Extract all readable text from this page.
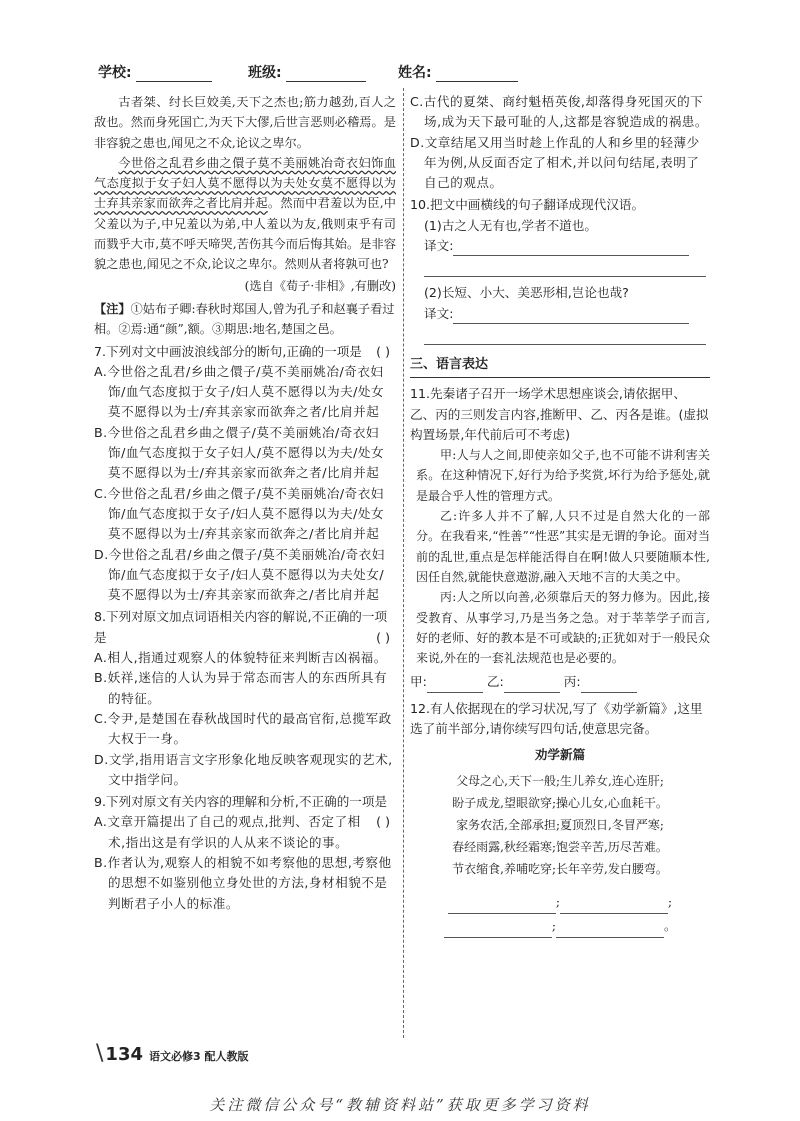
学校:	班级:	姓名:

古者桀、纣长巨姣美,天下之杰也;筋力越劲,百人之敌也。然而身死国亡,为天下大僇,后世言恶则必稽焉。是非容貌之患也,闻见之不众,论议之卑尔。

今世俗之乱君乡曲之儇子莫不美丽姚冶奇衣妇饰血气态度拟于女子妇人莫不愿得以为夫处女莫不愿得以为士弃其亲家而欲奔之者比肩并起。然而中君羞以为臣,中父羞以为子,中兄羞以为弟,中人羞以为友,俄则束乎有司而戮乎大市,莫不呼天啼哭,苦伤其今而后悔其始。是非容貌之患也,闻见之不众,论议之卑尔。然则从者将孰可也?

(选自《荀子·非相》,有删改)

【注】①姑布子卿:春秋时郑国人,曾为孔子和赵襄子看过相。②焉:通“颜”,额。③期思:地名,楚国之邑。

7.下列对文中画波浪线部分的断句,正确的一项是 ( )

A.今世俗之乱君/乡曲之儇子/莫不美丽姚冶/奇衣妇饰/血气态度拟于女子/妇人莫不愿得以为夫/处女莫不愿得以为士/弃其亲家而欲奔之者/比肩并起

B.今世俗之乱君乡曲之儇子/莫不美丽姚冶/奇衣妇饰/血气态度拟于女子妇人/莫不愿得以为夫/处女莫不愿得以为士/弃其亲家而欲奔之者/比肩并起

C.今世俗之乱君/乡曲之儇子/莫不美丽姚冶/奇衣妇饰/血气态度拟于女子/妇人莫不愿得以为夫/处女莫不愿得以为士/弃其亲家而欲奔之/者比肩并起

D.今世俗之乱君/乡曲之儇子/莫不美丽姚冶/奇衣妇饰/血气态度拟于女子/妇人莫不愿得以为夫处女/莫不愿得以为士/弃其亲家而欲奔之/者比肩并起

8.下列对原文加点词语相关内容的解说,不正确的一项是	( )

A.相人,指通过观察人的体貌特征来判断吉凶祸福。

B.妖祥,迷信的人认为异于常态而害人的东西所具有的特征。

C.令尹,是楚国在春秋战国时代的最高官衔,总揽军政大权于一身。

D.文学,指用语言文字形象化地反映客观现实的艺术,文中指学问。

9.下列对原文有关内容的理解和分析,不正确的一项是
( )

A.文章开篇提出了自己的观点,批判、否定了相术,指出这是有学识的人从来不谈论的事。

B.作者认为,观察人的相貌不如考察他的思想,考察他的思想不如鉴别他立身处世的方法,身材相貌不是判断君子小人的标准。

C.古代的夏桀、商纣魁梧英俊,却落得身死国灭的下场,成为天下最可耻的人,这都是容貌造成的祸患。

D.文章结尾又用当时趁上作乱的人和乡里的轻薄少年为例,从反面否定了相术,并以问句结尾,表明了自己的观点。

10.把文中画横线的句子翻译成现代汉语。

(1)古之人无有也,学者不道也。

译文:

(2)长短、小大、美恶形相,岂论也哉?

译文:

三、语言表达

11.先秦诸子召开一场学术思想座谈会,请依据甲、乙、丙的三则发言内容,推断甲、乙、丙各是谁。(虚拟构置场景,年代前后可不考虑)

甲:人与人之间,即使亲如父子,也不可能不讲利害关系。在这种情况下,好行为给予奖赏,坏行为给予惩处,就是最合乎人性的管理方式。

乙:许多人并不了解,人只不过是自然大化的一部分。在我看来,“性善”“性恶”其实是无谓的争论。面对当前的乱世,重点是怎样能活得自在啊!做人只要随顺本性,因任自然,就能快意遨游,融入天地不言的大美之中。

丙:人之所以向善,必须靠后天的努力修为。因此,接受教育、从事学习,乃是当务之急。对于莘莘学子而言,好的老师、好的教本是不可或缺的;正犹如对于一般民众来说,外在的一套礼法规范也是必要的。

甲:	乙:	丙:

12.有人依据现在的学习状况,写了《劝学新篇》,这里选了前半部分,请你续写四句话,使意思完备。

劝学新篇

父母之心,天下一般;生儿养女,连心连肝;

盼子成龙,望眼欲穿;操心儿女,心血耗干。

家务农活,全部承担;夏顶烈日,冬冒严寒;

春经雨露,秋经霜寒;饱尝辛苦,历尽苦难。

节衣缩食,养哺吃穿;长年辛劳,发白腰弯。

;	;
;	。
\ 134 语文必修3 配人教版
关注微信公众号“教辅资料站”获取更多学习资料
